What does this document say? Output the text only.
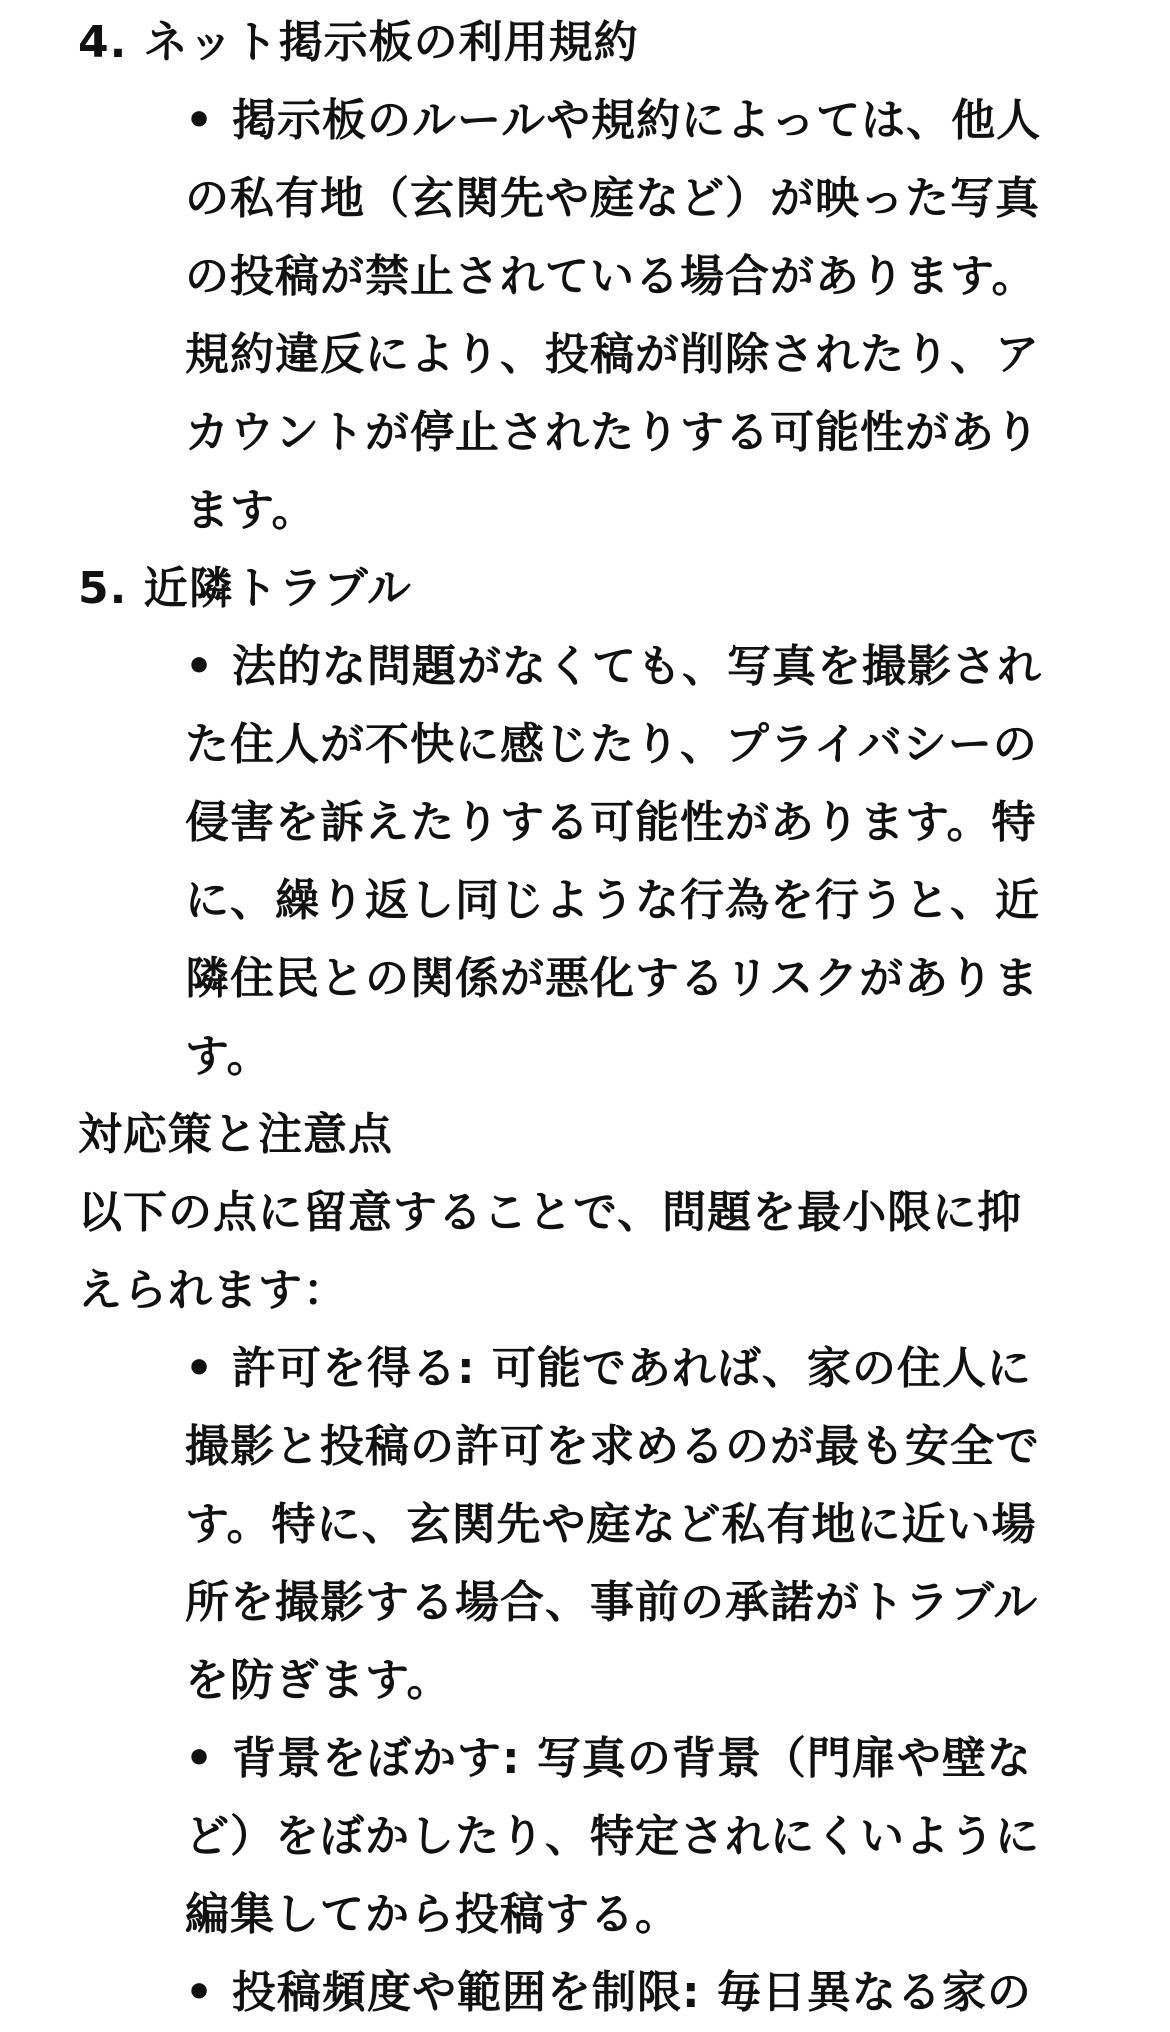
4. ネット掲示板の利用規約
• 掲示板のルールや規約によっては、他人
の私有地（玄関先や庭など）が映った写真
の投稿が禁止されている場合があります。
規約違反により、投稿が削除されたり、ア
カウントが停止されたりする可能性があり
ます。
5. 近隣トラブル
• 法的な問題がなくても、写真を撮影され
た住人が不快に感じたり、プライバシーの
侵害を訴えたりする可能性があります。特
に、繰り返し同じような行為を行うと、近
隣住民との関係が悪化するリスクがありま
す。
対応策と注意点
以下の点に留意することで、問題を最小限に抑
えられます：
• 許可を得る: 可能であれば、家の住人に
撮影と投稿の許可を求めるのが最も安全で
す。特に、玄関先や庭など私有地に近い場
所を撮影する場合、事前の承諾がトラブル
を防ぎます。
• 背景をぼかす: 写真の背景（門扉や壁な
ど）をぼかしたり、特定されにくいように
編集してから投稿する。
• 投稿頻度や範囲を制限: 毎日異なる家の
